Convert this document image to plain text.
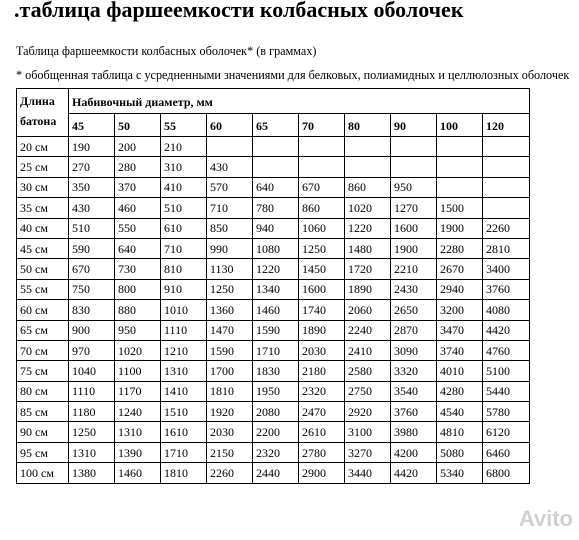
.таблица фаршеемкости колбасных оболочек
Таблица фаршеемкости колбасных оболочек* (в граммах)
* обобщенная таблица с усредненными значениями для белковых, полиамидных и целлюлозных оболочек
Длина
батона	Набивочный диаметр, мм									
	45	50	55	60	65	70	80	90	100	120
20 см	190	200	210							
25 см	270	280	310	430						
30 см	350	370	410	570	640	670	860	950		
35 см	430	460	510	710	780	860	1020	1270	1500	
40 см	510	550	610	850	940	1060	1220	1600	1900	2260
45 см	590	640	710	990	1080	1250	1480	1900	2280	2810
50 см	670	730	810	1130	1220	1450	1720	2210	2670	3400
55 см	750	800	910	1250	1340	1600	1890	2430	2940	3760
60 см	830	880	1010	1360	1460	1740	2060	2650	3200	4080
65 см	900	950	1110	1470	1590	1890	2240	2870	3470	4420
70 см	970	1020	1210	1590	1710	2030	2410	3090	3740	4760
75 см	1040	1100	1310	1700	1830	2180	2580	3320	4010	5100
80 см	1110	1170	1410	1810	1950	2320	2750	3540	4280	5440
85 см	1180	1240	1510	1920	2080	2470	2920	3760	4540	5780
90 см	1250	1310	1610	2030	2200	2610	3100	3980	4810	6120
95 см	1310	1390	1710	2150	2320	2780	3270	4200	5080	6460
100 см	1380	1460	1810	2260	2440	2900	3440	4420	5340	6800
Avito
